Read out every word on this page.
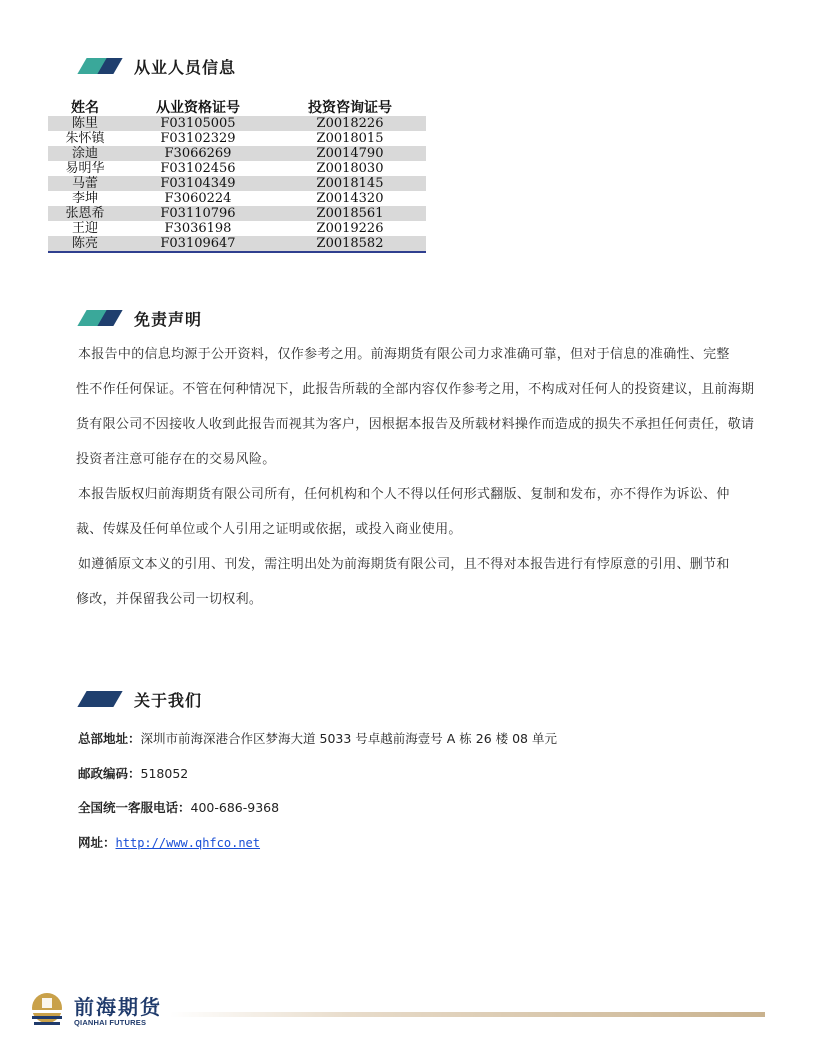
从业人员信息
姓名	从业资格证号	投资咨询证号
陈里	F03105005	Z0018226
朱怀镇	F03102329	Z0018015
涂迪	F3066269	Z0014790
易明华	F03102456	Z0018030
马蕾	F03104349	Z0018145
李坤	F3060224	Z0014320
张恩希	F03110796	Z0018561
王迎	F3036198	Z0019226
陈亮	F03109647	Z0018582
免责声明

本报告中的信息均源于公开资料，仅作参考之用。前海期货有限公司力求准确可靠，但对于信息的准确性、完整

性不作任何保证。不管在何种情况下，此报告所载的全部内容仅作参考之用，不构成对任何人的投资建议，且前海期

货有限公司不因接收人收到此报告而视其为客户，因根据本报告及所载材料操作而造成的损失不承担任何责任，敬请

投资者注意可能存在的交易风险。

本报告版权归前海期货有限公司所有，任何机构和个人不得以任何形式翻版、复制和发布，亦不得作为诉讼、仲

裁、传媒及任何单位或个人引用之证明或依据，或投入商业使用。

如遵循原文本义的引用、刊发，需注明出处为前海期货有限公司，且不得对本报告进行有悖原意的引用、删节和

修改，并保留我公司一切权利。

关于我们
总部地址：深圳市前海深港合作区梦海大道 5033 号卓越前海壹号 A 栋 26 楼 08 单元
邮政编码：518052
全国统一客服电话：400-686-9368
网址：http://www.qhfco.net
前海期货
QIANHAI FUTURES
